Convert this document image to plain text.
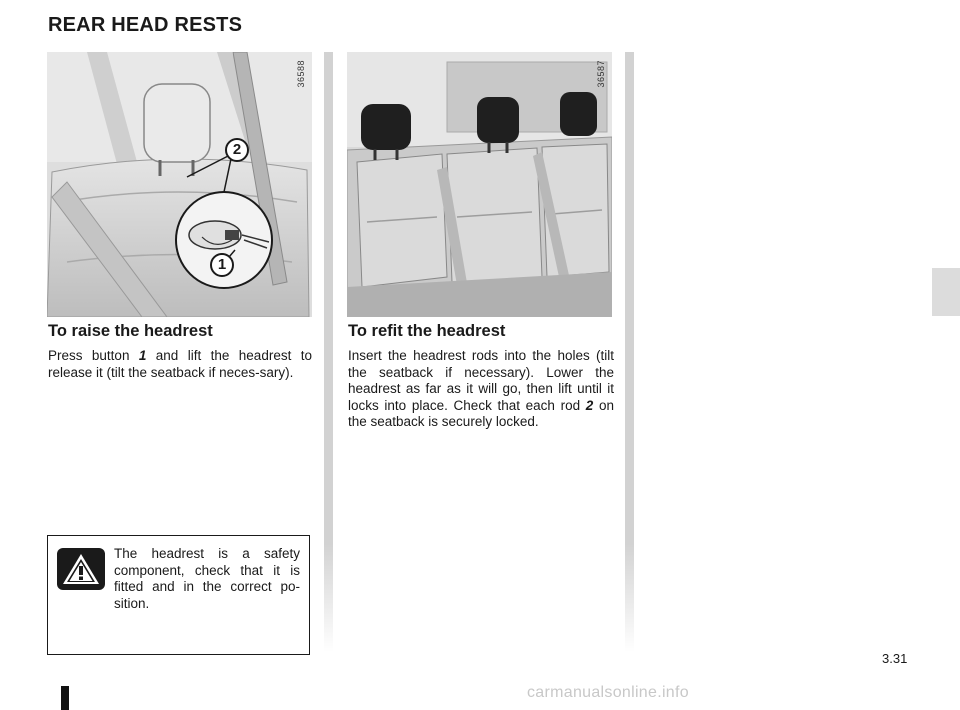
REAR HEAD RESTS
2
1
36588	36587
To raise the headrest

Press button 1 and lift the headrest to release it (tilt the seatback if neces-sary).

To refit the headrest

Insert the headrest rods into the holes (tilt the seatback if necessary). Lower the headrest as far as it will go, then lift until it locks into place. Check that each rod 2 on the seatback is securely locked.

The headrest is a safety component, check that it is fitted and in the correct po-sition.

3.31
carmanualsonline.info
